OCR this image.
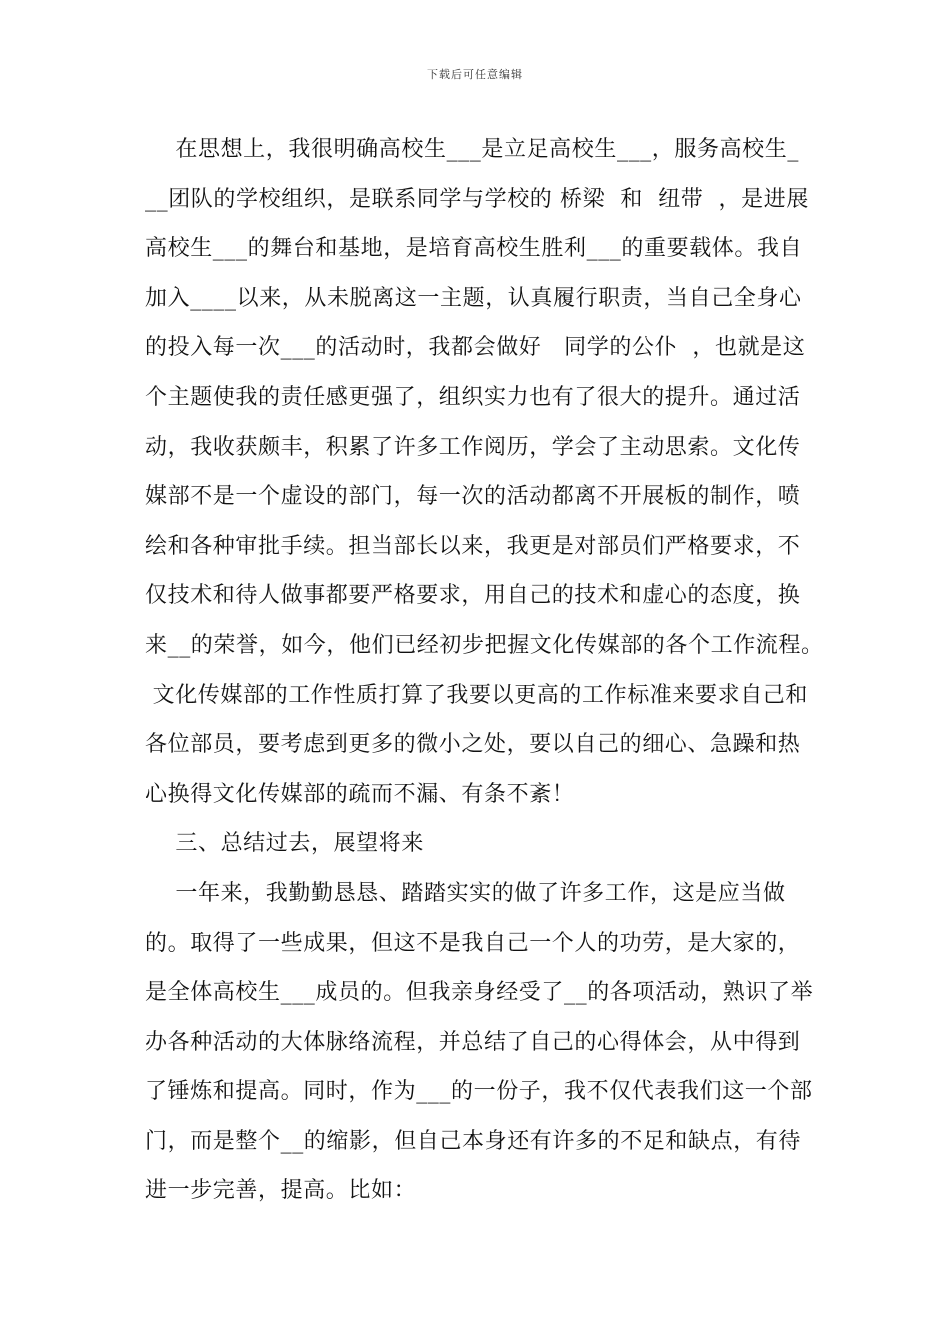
下载后可任意编辑
在思想上，我很明确高校生___是立足高校生___，服务高校生_
__团队的学校组织，是联系同学与学校的 桥梁  和  纽带  ，是进展
高校生___的舞台和基地，是培育高校生胜利___的重要载体。我自
加入____以来，从未脱离这一主题，认真履行职责，当自己全身心
的投入每一次___的活动时，我都会做好   同学的公仆  ，也就是这
个主题使我的责任感更强了，组织实力也有了很大的提升。通过活
动，我收获颇丰，积累了许多工作阅历，学会了主动思索。文化传
媒部不是一个虚设的部门，每一次的活动都离不开展板的制作，喷
绘和各种审批手续。担当部长以来，我更是对部员们严格要求，不
仅技术和待人做事都要严格要求，用自己的技术和虚心的态度，换
来__的荣誉，如今，他们已经初步把握文化传媒部的各个工作流程。
文化传媒部的工作性质打算了我要以更高的工作标准来要求自己和
各位部员，要考虑到更多的微小之处，要以自己的细心、急躁和热
心换得文化传媒部的疏而不漏、有条不紊！
三、总结过去，展望将来
一年来，我勤勤恳恳、踏踏实实的做了许多工作，这是应当做
的。取得了一些成果，但这不是我自己一个人的功劳，是大家的，
是全体高校生___成员的。但我亲身经受了__的各项活动，熟识了举
办各种活动的大体脉络流程，并总结了自己的心得体会，从中得到
了锤炼和提高。同时，作为___的一份子，我不仅代表我们这一个部
门，而是整个__的缩影，但自己本身还有许多的不足和缺点，有待
进一步完善，提高。比如：
